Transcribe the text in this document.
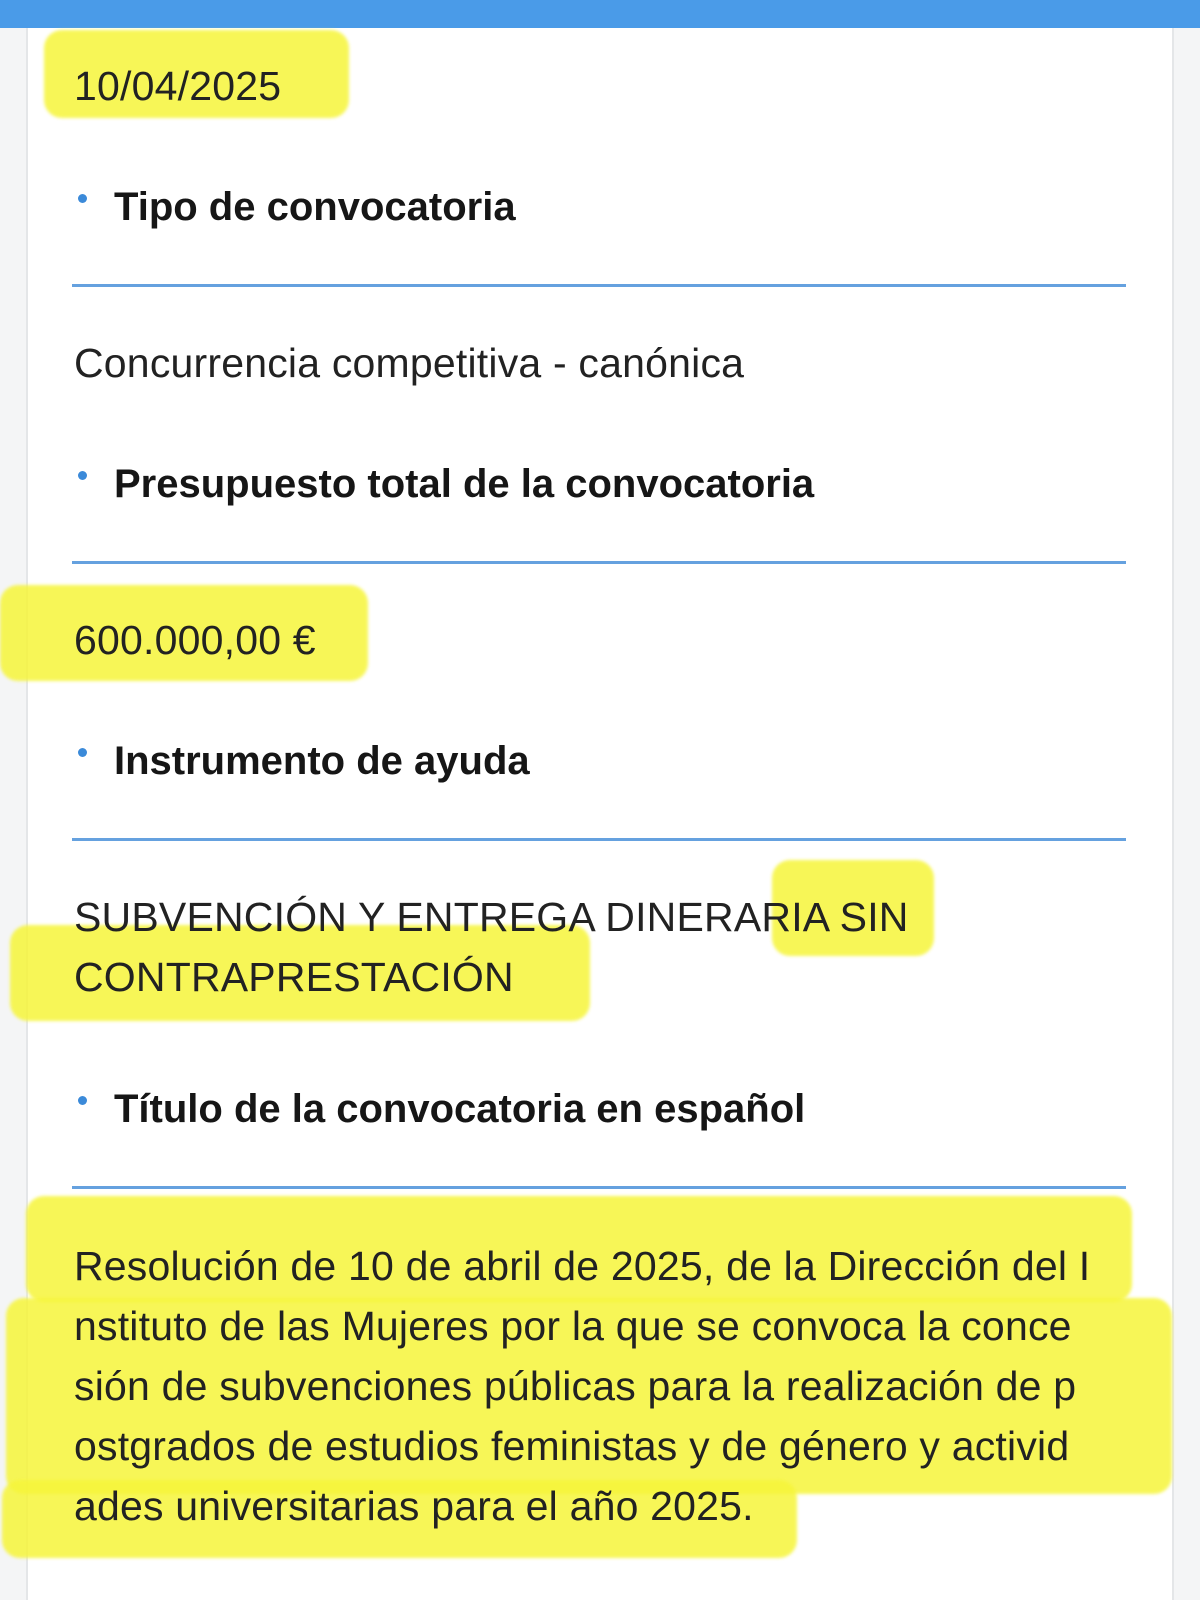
10/04/2025
Tipo de convocatoria
Concurrencia competitiva - canónica
Presupuesto total de la convocatoria
600.000,00 €
Instrumento de ayuda
SUBVENCIÓN Y ENTREGA DINERARIA SIN
CONTRAPRESTACIÓN
Título de la convocatoria en español
Resolución de 10 de abril de 2025, de la Dirección del I
nstituto de las Mujeres por la que se convoca la conce
sión de subvenciones públicas para la realización de p
ostgrados de estudios feministas y de género y activid
ades universitarias para el año 2025.
